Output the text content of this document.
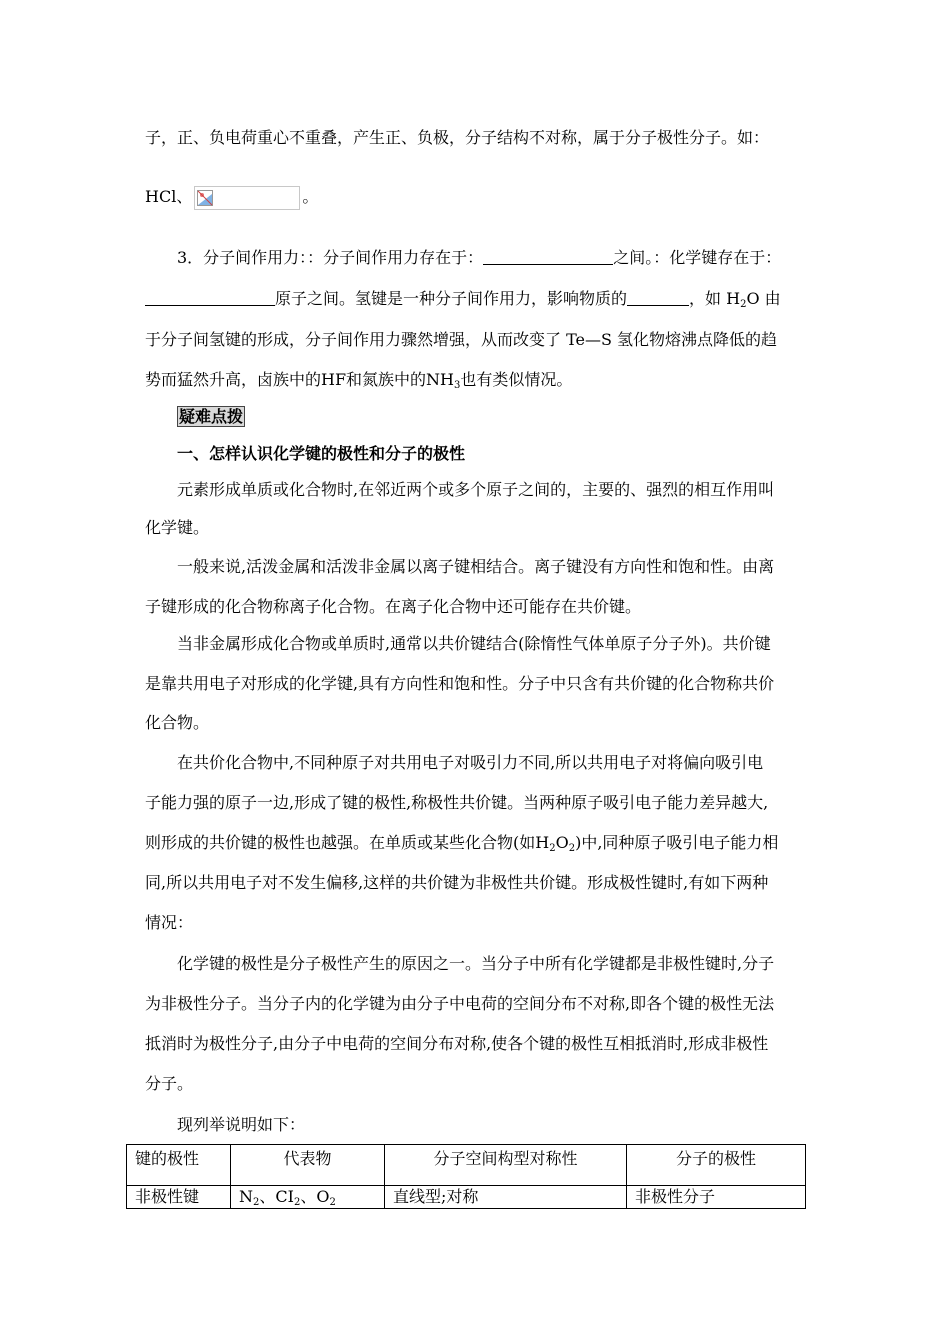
子，正、负电荷重心不重叠，产生正、负极，分子结构不对称，属于分子极性分子。如：
HCl、	。
3．分子间作用力：：分子间作用力存在于：	之间。：化学键存在于：
原子之间。氢键是一种分子间作用力，影响物质的	，如 $H_2O$ 由
于分子间氢键的形成，分子间作用力骤然增强，从而改变了 Te—S 氢化物熔沸点降低的趋
势而猛然升高，卤族中的HF和氮族中的$NH_3$也有类似情况。
疑难点拨
一、怎样认识化学键的极性和分子的极性
元素形成单质或化合物时,在邻近两个或多个原子之间的，主要的、强烈的相互作用叫
化学键。
一般来说,活泼金属和活泼非金属以离子键相结合。离子键没有方向性和饱和性。由离
子键形成的化合物称离子化合物。在离子化合物中还可能存在共价键。
当非金属形成化合物或单质时,通常以共价键结合(除惰性气体单原子分子外)。共价键
是靠共用电子对形成的化学键,具有方向性和饱和性。分子中只含有共价键的化合物称共价
化合物。
在共价化合物中,不同种原子对共用电子对吸引力不同,所以共用电子对将偏向吸引电
子能力强的原子一边,形成了键的极性,称极性共价键。当两种原子吸引电子能力差异越大,
则形成的共价键的极性也越强。在单质或某些化合物(如$H_2O_2$)中,同种原子吸引电子能力相
同,所以共用电子对不发生偏移,这样的共价键为非极性共价键。形成极性键时,有如下两种
情况：
化学键的极性是分子极性产生的原因之一。当分子中所有化学键都是非极性键时,分子
为非极性分子。当分子内的化学键为由分子中电荷的空间分布不对称,即各个键的极性无法
抵消时为极性分子,由分子中电荷的空间分布对称,使各个键的极性互相抵消时,形成非极性
分子。
现列举说明如下：
键的极性	代表物	分子空间构型对称性	分子的极性
非极性键	$N_2$、$CI_2$、$O_2$	直线型;对称	非极性分子
